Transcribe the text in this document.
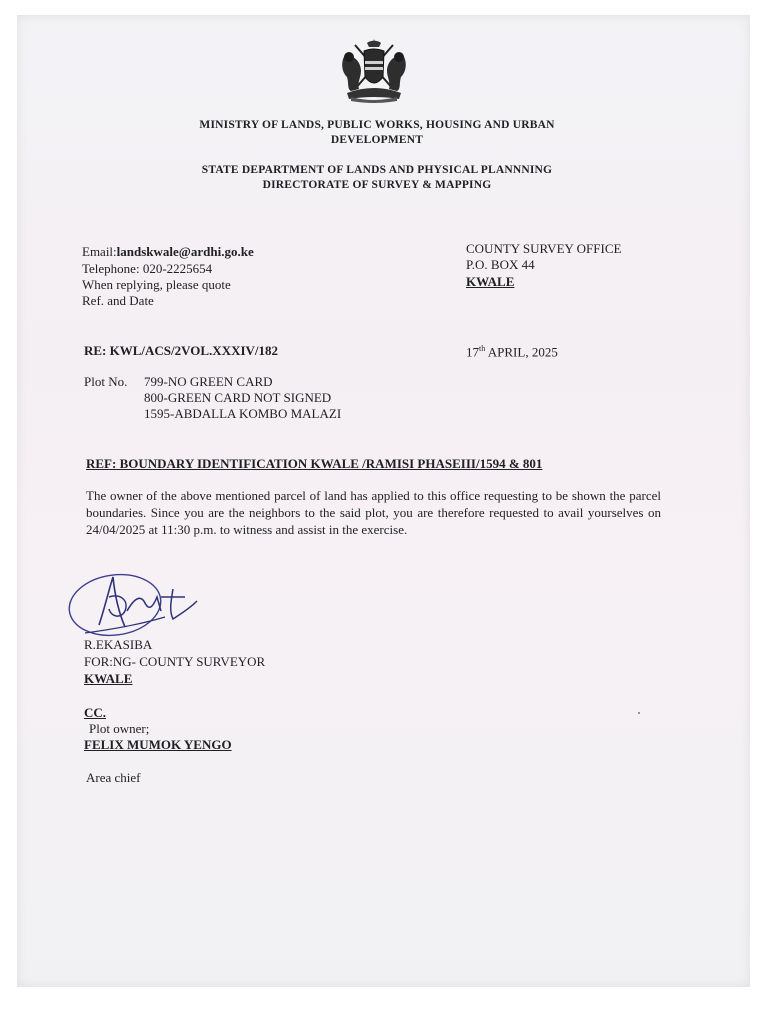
MINISTRY OF LANDS, PUBLIC WORKS, HOUSING AND URBAN

DEVELOPMENT

STATE DEPARTMENT OF LANDS AND PHYSICAL PLANNNING

DIRECTORATE OF SURVEY & MAPPING

Email:landskwale@ardhi.go.ke

Telephone: 020-2225654

When replying, please quote

Ref. and Date

COUNTY SURVEY OFFICE

P.O. BOX 44

KWALE

RE: KWL/ACS/2VOL.XXXIV/182	17th APRIL, 2025

Plot No. 799-NO GREEN CARD

800-GREEN CARD NOT SIGNED

1595-ABDALLA KOMBO MALAZI

REF: BOUNDARY IDENTIFICATION KWALE /RAMISI PHASEIII/1594 & 801

The owner of the above mentioned parcel of land has applied to this office requesting to be shown the parcel boundaries. Since you are the neighbors to the said plot, you are therefore requested to avail yourselves on 24/04/2025 at 11:30 p.m. to witness and assist in the exercise.

R.EKASIBA

FOR:NG- COUNTY SURVEYOR

KWALE

CC.

Plot owner;

FELIX MUMOK YENGO

Area chief
